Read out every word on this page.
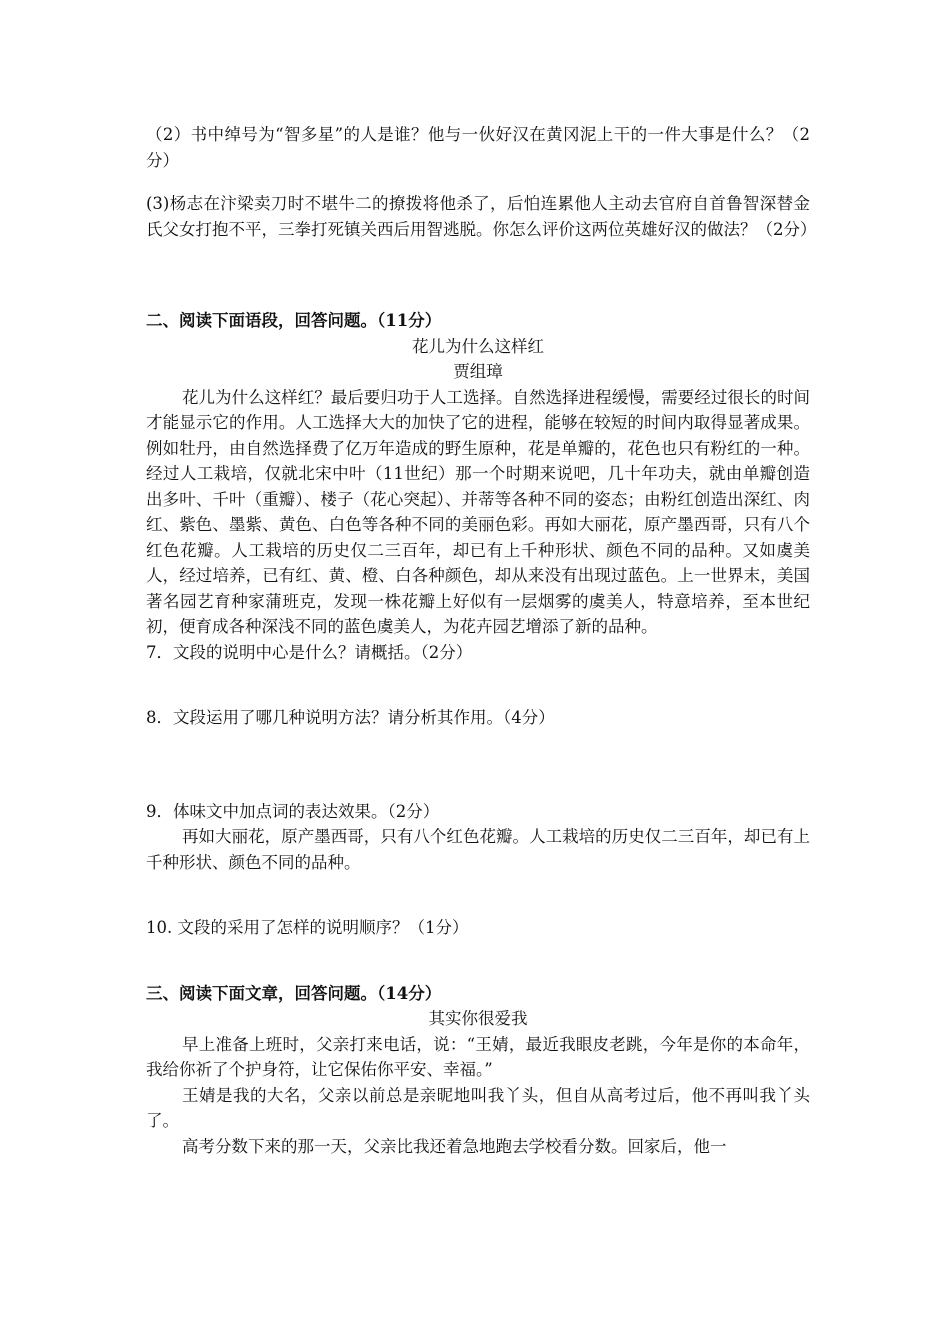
（2）书中绰号为“智多星”的人是谁？他与一伙好汉在黄冈泥上干的一件大事是什么？（2分）

(3)杨志在汴梁卖刀时不堪牛二的撩拨将他杀了，后怕连累他人主动去官府自首鲁智深替金氏父女打抱不平，三拳打死镇关西后用智逃脱。你怎么评价这两位英雄好汉的做法？（2分）

二、阅读下面语段，回答问题。（11分）

花儿为什么这样红

贾组璋

花儿为什么这样红？最后要归功于人工选择。自然选择进程缓慢，需要经过很长的时间才能显示它的作用。人工选择大大的加快了它的进程，能够在较短的时间内取得显著成果。例如牡丹，由自然选择费了亿万年造成的野生原种，花是单瓣的，花色也只有粉红的一种。经过人工栽培，仅就北宋中叶（11世纪）那一个时期来说吧，几十年功夫，就由单瓣创造出多叶、千叶（重瓣）、楼子（花心突起）、并蒂等各种不同的姿态；由粉红创造出深红、肉红、紫色、墨紫、黄色、白色等各种不同的美丽色彩。再如大丽花，原产墨西哥，只有八个红色花瓣。人工栽培的历史仅二三百年，却已有上千种形状、颜色不同的品种。又如虞美人，经过培养，已有红、黄、橙、白各种颜色，却从来没有出现过蓝色。上一世界末，美国著名园艺育种家蒲班克，发现一株花瓣上好似有一层烟雾的虞美人，特意培养，至本世纪初，便育成各种深浅不同的蓝色虞美人，为花卉园艺增添了新的品种。

7．文段的说明中心是什么？请概括。（2分）

8．文段运用了哪几种说明方法？请分析其作用。（4分）

9．体味文中加点词的表达效果。（2分）

再如大丽花，原产墨西哥，只有八个红色花瓣。人工栽培的历史仅二三百年，却已有上千种形状、颜色不同的品种。

10. 文段的采用了怎样的说明顺序？（1分）

三、阅读下面文章，回答问题。（14分）

其实你很爱我

早上准备上班时，父亲打来电话，说：“王婧，最近我眼皮老跳，今年是你的本命年，我给你祈了个护身符，让它保佑你平安、幸福。”

王婧是我的大名，父亲以前总是亲昵地叫我丫头，但自从高考过后，他不再叫我丫头了。

高考分数下来的那一天，父亲比我还着急地跑去学校看分数。回家后，他一
